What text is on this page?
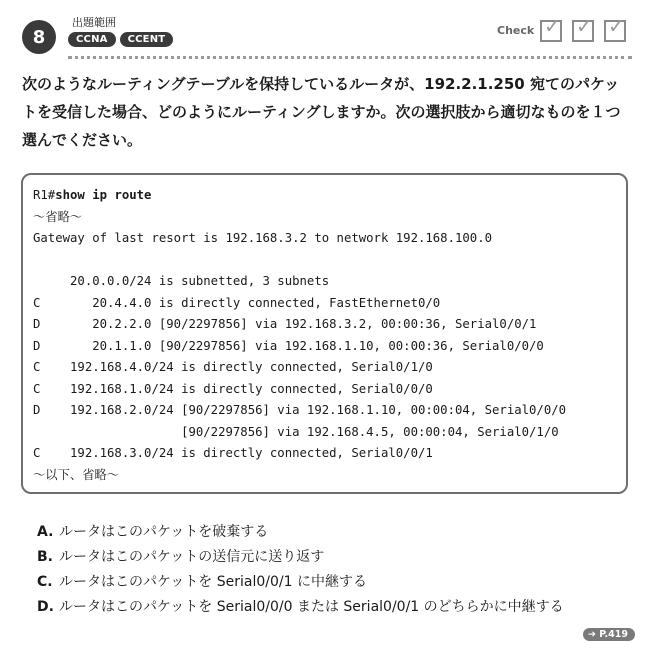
8
出題範囲
CCNA	CCENT
Check ✓ ✓ ✓
次のようなルーティングテーブルを保持しているルータが、192.2.1.250 宛てのパケットを受信した場合、どのようにルーティングしますか。次の選択肢から適切なものを１つ選んでください。
R1#show ip route
～省略～
Gateway of last resort is 192.168.3.2 to network 192.168.100.0
20.0.0.0/24 is subnetted, 3 subnets
C       20.4.4.0 is directly connected, FastEthernet0/0
D       20.2.2.0 [90/2297856] via 192.168.3.2, 00:00:36, Serial0/0/1
D       20.1.1.0 [90/2297856] via 192.168.1.10, 00:00:36, Serial0/0/0
C    192.168.4.0/24 is directly connected, Serial0/1/0
C    192.168.1.0/24 is directly connected, Serial0/0/0
D    192.168.2.0/24 [90/2297856] via 192.168.1.10, 00:00:04, Serial0/0/0
[90/2297856] via 192.168.4.5, 00:00:04, Serial0/1/0
C    192.168.3.0/24 is directly connected, Serial0/0/1
～以下、省略～
A. ルータはこのパケットを破棄する
B. ルータはこのパケットの送信元に送り返す
C. ルータはこのパケットを Serial0/0/1 に中継する
D. ルータはこのパケットを Serial0/0/0 または Serial0/0/1 のどちらかに中継する
➔ P.419
